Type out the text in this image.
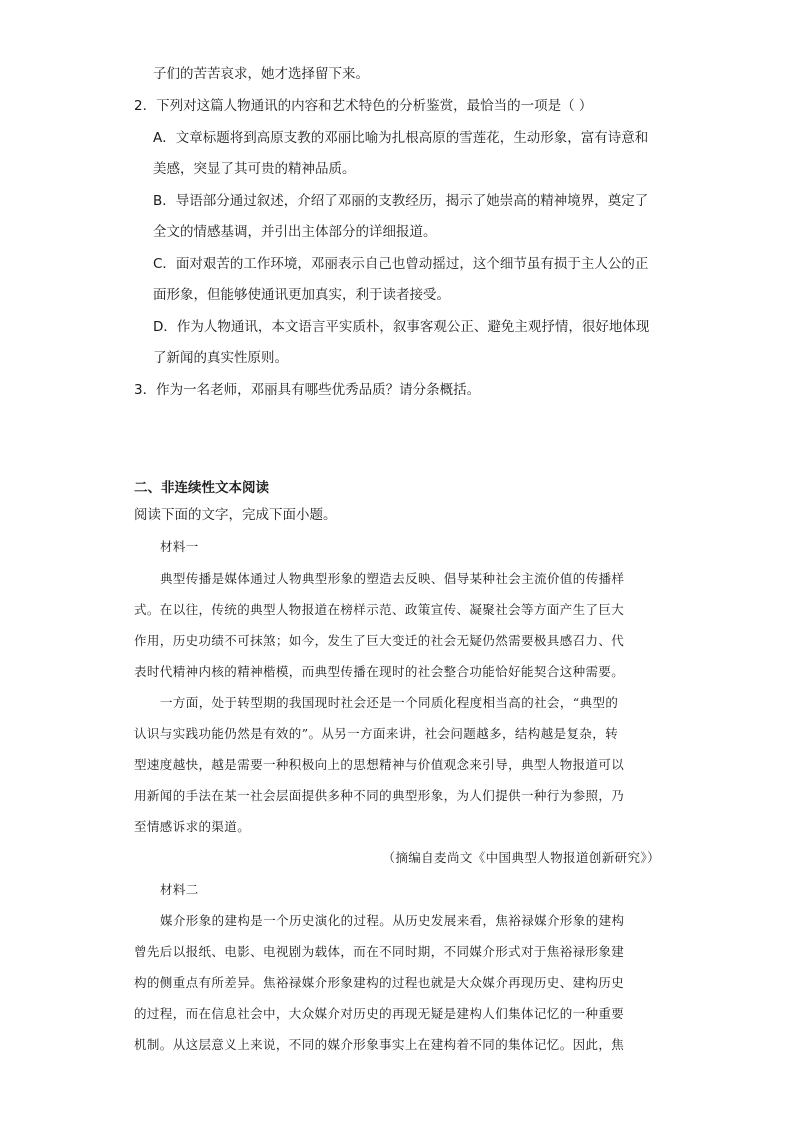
子们的苦苦哀求，她才选择留下来。
2．下列对这篇人物通讯的内容和艺术特色的分析鉴赏，最恰当的一项是（ ）
A．文章标题将到高原支教的邓丽比喻为扎根高原的雪莲花，生动形象，富有诗意和
美感，突显了其可贵的精神品质。
B．导语部分通过叙述，介绍了邓丽的支教经历，揭示了她崇高的精神境界，奠定了
全文的情感基调，并引出主体部分的详细报道。
C．面对艰苦的工作环境，邓丽表示自己也曾动摇过，这个细节虽有损于主人公的正
面形象，但能够使通讯更加真实，利于读者接受。
D．作为人物通讯，本文语言平实质朴，叙事客观公正、避免主观抒情，很好地体现
了新闻的真实性原则。
3．作为一名老师，邓丽具有哪些优秀品质？请分条概括。
二、非连续性文本阅读
阅读下面的文字，完成下面小题。
材料一
典型传播是媒体通过人物典型形象的塑造去反映、倡导某种社会主流价值的传播样
式。在以往，传统的典型人物报道在榜样示范、政策宣传、凝聚社会等方面产生了巨大
作用，历史功绩不可抹煞；如今，发生了巨大变迁的社会无疑仍然需要极具感召力、代
表时代精神内核的精神楷模，而典型传播在现时的社会整合功能恰好能契合这种需要。
一方面，处于转型期的我国现时社会还是一个同质化程度相当高的社会，“典型的
认识与实践功能仍然是有效的”。从另一方面来讲，社会问题越多，结构越是复杂，转
型速度越快，越是需要一种积极向上的思想精神与价值观念来引导，典型人物报道可以
用新闻的手法在某一社会层面提供多种不同的典型形象，为人们提供一种行为参照，乃
至情感诉求的渠道。
（摘编自麦尚文《中国典型人物报道创新研究》）
材料二
媒介形象的建构是一个历史演化的过程。从历史发展来看，焦裕禄媒介形象的建构
曾先后以报纸、电影、电视剧为载体，而在不同时期，不同媒介形式对于焦裕禄形象建
构的侧重点有所差异。焦裕禄媒介形象建构的过程也就是大众媒介再现历史、建构历史
的过程，而在信息社会中，大众媒介对历史的再现无疑是建构人们集体记忆的一种重要
机制。从这层意义上来说，不同的媒介形象事实上在建构着不同的集体记忆。因此，焦
